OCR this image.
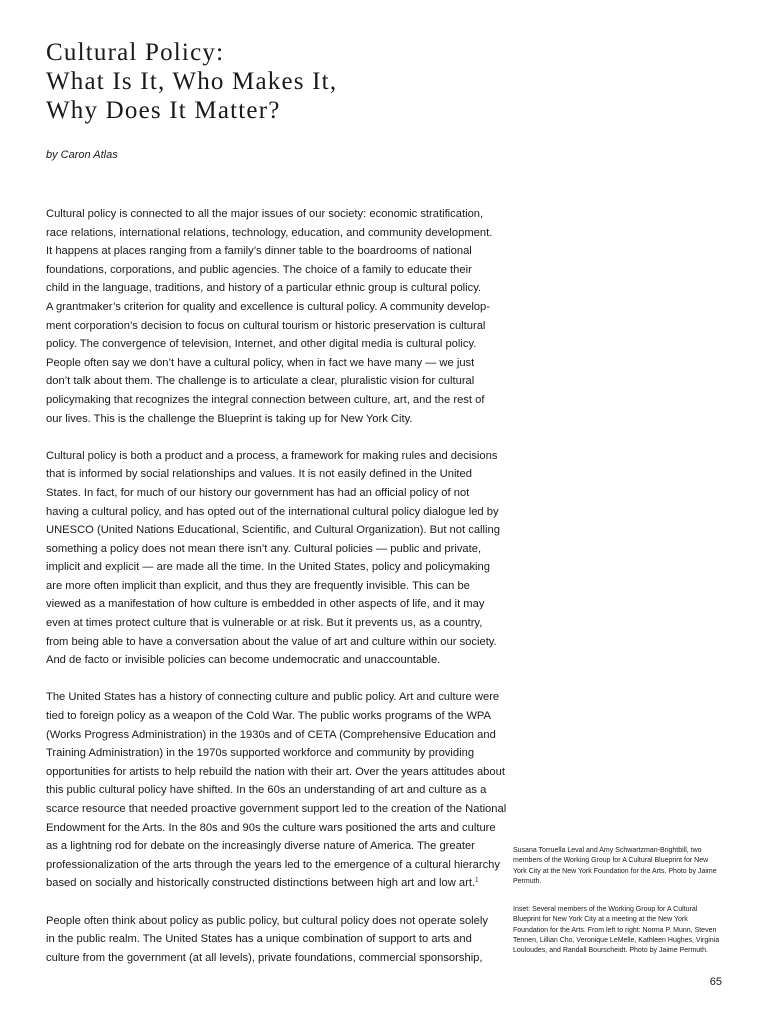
Cultural Policy:
What Is It, Who Makes It,
Why Does It Matter?
by Caron Atlas

Cultural policy is connected to all the major issues of our society: economic stratification,
race relations, international relations, technology, education, and community development.
It happens at places ranging from a family’s dinner table to the boardrooms of national
foundations, corporations, and public agencies. The choice of a family to educate their
child in the language, traditions, and history of a particular ethnic group is cultural policy.
A grantmaker’s criterion for quality and excellence is cultural policy. A community develop-
ment corporation’s decision to focus on cultural tourism or historic preservation is cultural
policy. The convergence of television, Internet, and other digital media is cultural policy.
People often say we don’t have a cultural policy, when in fact we have many — we just
don’t talk about them. The challenge is to articulate a clear, pluralistic vision for cultural
policymaking that recognizes the integral connection between culture, art, and the rest of
our lives. This is the challenge the Blueprint is taking up for New York City.

Cultural policy is both a product and a process, a framework for making rules and decisions
that is informed by social relationships and values. It is not easily defined in the United
States. In fact, for much of our history our government has had an official policy of not
having a cultural policy, and has opted out of the international cultural policy dialogue led by
UNESCO (United Nations Educational, Scientific, and Cultural Organization). But not calling
something a policy does not mean there isn’t any. Cultural policies — public and private,
implicit and explicit — are made all the time. In the United States, policy and policymaking
are more often implicit than explicit, and thus they are frequently invisible. This can be
viewed as a manifestation of how culture is embedded in other aspects of life, and it may
even at times protect culture that is vulnerable or at risk. But it prevents us, as a country,
from being able to have a conversation about the value of art and culture within our society.
And de facto or invisible policies can become undemocratic and unaccountable.

The United States has a history of connecting culture and public policy. Art and culture were
tied to foreign policy as a weapon of the Cold War. The public works programs of the WPA
(Works Progress Administration) in the 1930s and of CETA (Comprehensive Education and
Training Administration) in the 1970s supported workforce and community by providing
opportunities for artists to help rebuild the nation with their art. Over the years attitudes about
this public cultural policy have shifted. In the 60s an understanding of art and culture as a
scarce resource that needed proactive government support led to the creation of the National
Endowment for the Arts. In the 80s and 90s the culture wars positioned the arts and culture
as a lightning rod for debate on the increasingly diverse nature of America. The greater
professionalization of the arts through the years led to the emergence of a cultural hierarchy
based on socially and historically constructed distinctions between high art and low art.$^1$

People often think about policy as public policy, but cultural policy does not operate solely
in the public realm. The United States has a unique combination of support to arts and
culture from the government (at all levels), private foundations, commercial sponsorship,

Susana Torruella Leval and Amy Schwartzman-Brightbill, two
members of the Working Group for A Cultural Blueprint for New
York City at the New York Foundation for the Arts. Photo by Jaime
Permuth.
Inset: Several members of the Working Group for A Cultural
Blueprint for New York City at a meeting at the New York
Foundation for the Arts. From left to right: Norma P. Munn, Steven
Tennen, Lillian Cho, Veronique LeMelle, Kathleen Hughes, Virginia
Louloudes, and Randall Bourscheidt. Photo by Jaime Permuth.
65
